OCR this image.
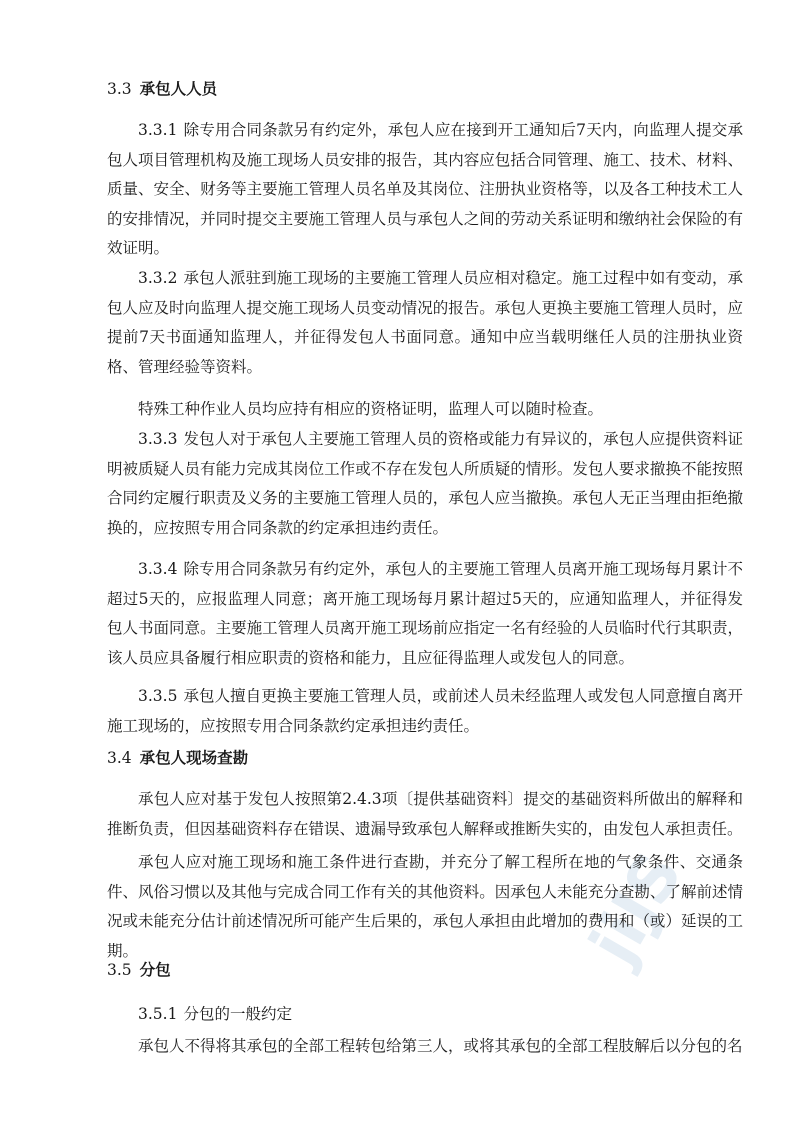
jiJS
3.3 承包人人员

3.3.1 除专用合同条款另有约定外，承包人应在接到开工通知后7天内，向监理人提交承包人项目管理机构及施工现场人员安排的报告，其内容应包括合同管理、施工、技术、材料、质量、安全、财务等主要施工管理人员名单及其岗位、注册执业资格等，以及各工种技术工人的安排情况，并同时提交主要施工管理人员与承包人之间的劳动关系证明和缴纳社会保险的有效证明。

3.3.2 承包人派驻到施工现场的主要施工管理人员应相对稳定。施工过程中如有变动，承包人应及时向监理人提交施工现场人员变动情况的报告。承包人更换主要施工管理人员时，应提前7天书面通知监理人，并征得发包人书面同意。通知中应当载明继任人员的注册执业资格、管理经验等资料。

特殊工种作业人员均应持有相应的资格证明，监理人可以随时检查。

3.3.3 发包人对于承包人主要施工管理人员的资格或能力有异议的，承包人应提供资料证明被质疑人员有能力完成其岗位工作或不存在发包人所质疑的情形。发包人要求撤换不能按照合同约定履行职责及义务的主要施工管理人员的，承包人应当撤换。承包人无正当理由拒绝撤换的，应按照专用合同条款的约定承担违约责任。

3.3.4 除专用合同条款另有约定外，承包人的主要施工管理人员离开施工现场每月累计不超过5天的，应报监理人同意；离开施工现场每月累计超过5天的，应通知监理人，并征得发包人书面同意。主要施工管理人员离开施工现场前应指定一名有经验的人员临时代行其职责，该人员应具备履行相应职责的资格和能力，且应征得监理人或发包人的同意。

3.3.5 承包人擅自更换主要施工管理人员，或前述人员未经监理人或发包人同意擅自离开施工现场的，应按照专用合同条款约定承担违约责任。

3.4 承包人现场查勘

承包人应对基于发包人按照第2.4.3项〔提供基础资料〕提交的基础资料所做出的解释和推断负责，但因基础资料存在错误、遗漏导致承包人解释或推断失实的，由发包人承担责任。

承包人应对施工现场和施工条件进行查勘，并充分了解工程所在地的气象条件、交通条件、风俗习惯以及其他与完成合同工作有关的其他资料。因承包人未能充分查勘、了解前述情况或未能充分估计前述情况所可能产生后果的，承包人承担由此增加的费用和（或）延误的工期。

3.5 分包

3.5.1 分包的一般约定

承包人不得将其承包的全部工程转包给第三人，或将其承包的全部工程肢解后以分包的名
